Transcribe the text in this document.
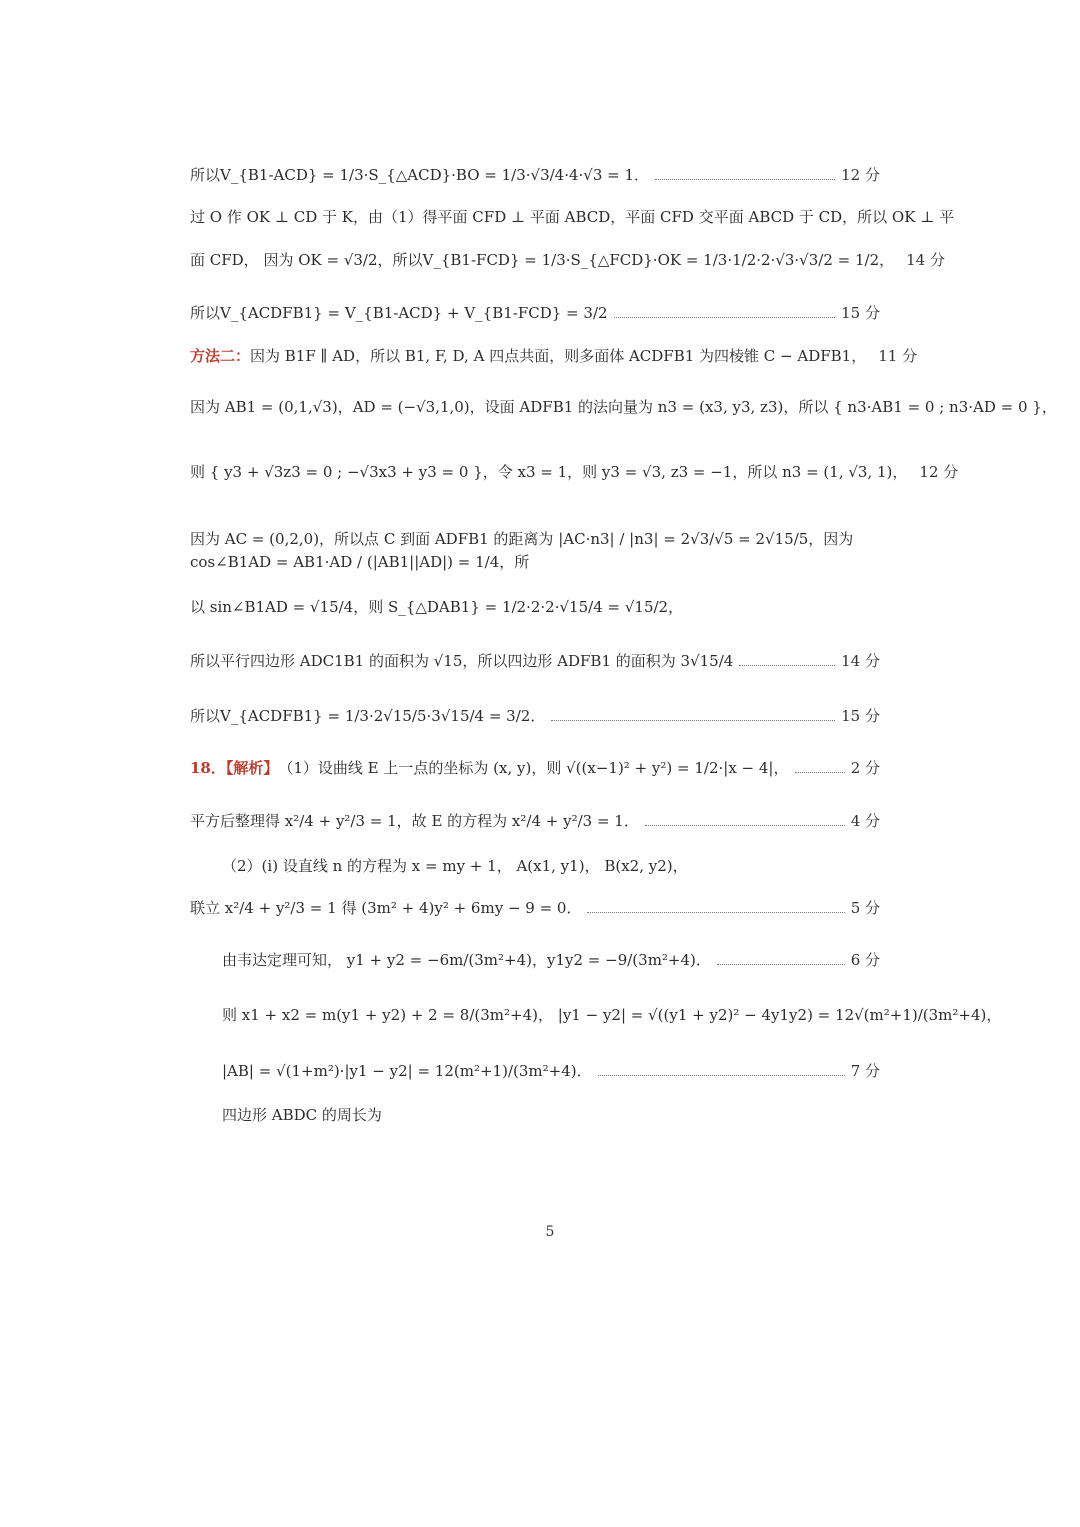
所以V_{B1-ACD} = 1/3·S_{△ACD}·BO = 1/3·√3/4·4·√3 = 1．	12 分
过 O 作 OK ⊥ CD 于 K，由（1）得平面 CFD ⊥ 平面 ABCD，平面 CFD 交平面 ABCD 于 CD，所以 OK ⊥ 平
面 CFD， 因为 OK = √3/2，所以V_{B1-FCD} = 1/3·S_{△FCD}·OK = 1/3·1/2·2·√3·√3/2 = 1/2， 14 分
所以V_{ACDFB1} = V_{B1-ACD} + V_{B1-FCD} = 3/2	15 分
方法二： 因为 B1F ∥ AD，所以 B1, F, D, A 四点共面，则多面体 ACDFB1 为四棱锥 C − ADFB1， 11 分
因为 AB1 = (0,1,√3)，AD = (−√3,1,0)，设面 ADFB1 的法向量为 n3 = (x3, y3, z3)，所以 { n3·AB1 = 0 ; n3·AD = 0 }，
则 { y3 + √3z3 = 0 ; −√3x3 + y3 = 0 }，令 x3 = 1，则 y3 = √3, z3 = −1，所以 n3 = (1, √3, 1)， 12 分
因为 AC = (0,2,0)，所以点 C 到面 ADFB1 的距离为 |AC·n3| / |n3| = 2√3/√5 = 2√15/5，因为 cos∠B1AD = AB1·AD / (|AB1||AD|) = 1/4，所
以 sin∠B1AD = √15/4，则 S_{△DAB1} = 1/2·2·2·√15/4 = √15/2，
所以平行四边形 ADC1B1 的面积为 √15，所以四边形 ADFB1 的面积为 3√15/4	14 分
所以V_{ACDFB1} = 1/3·2√15/5·3√15/4 = 3/2．	15 分
18．【解析】 （1）设曲线 E 上一点的坐标为 (x, y)，则 √((x−1)² + y²) = 1/2·|x − 4|，	2 分
平方后整理得 x²/4 + y²/3 = 1，故 E 的方程为 x²/4 + y²/3 = 1．	4 分
（2）(i) 设直线 n 的方程为 x = my + 1， A(x1, y1)， B(x2, y2)，
联立 x²/4 + y²/3 = 1 得 (3m² + 4)y² + 6my − 9 = 0．	5 分
由韦达定理可知， y1 + y2 = −6m/(3m²+4)，y1y2 = −9/(3m²+4)．	6 分
则 x1 + x2 = m(y1 + y2) + 2 = 8/(3m²+4)， |y1 − y2| = √((y1 + y2)² − 4y1y2) = 12√(m²+1)/(3m²+4)，
|AB| = √(1+m²)·|y1 − y2| = 12(m²+1)/(3m²+4)．	7 分
四边形 ABDC 的周长为
5
